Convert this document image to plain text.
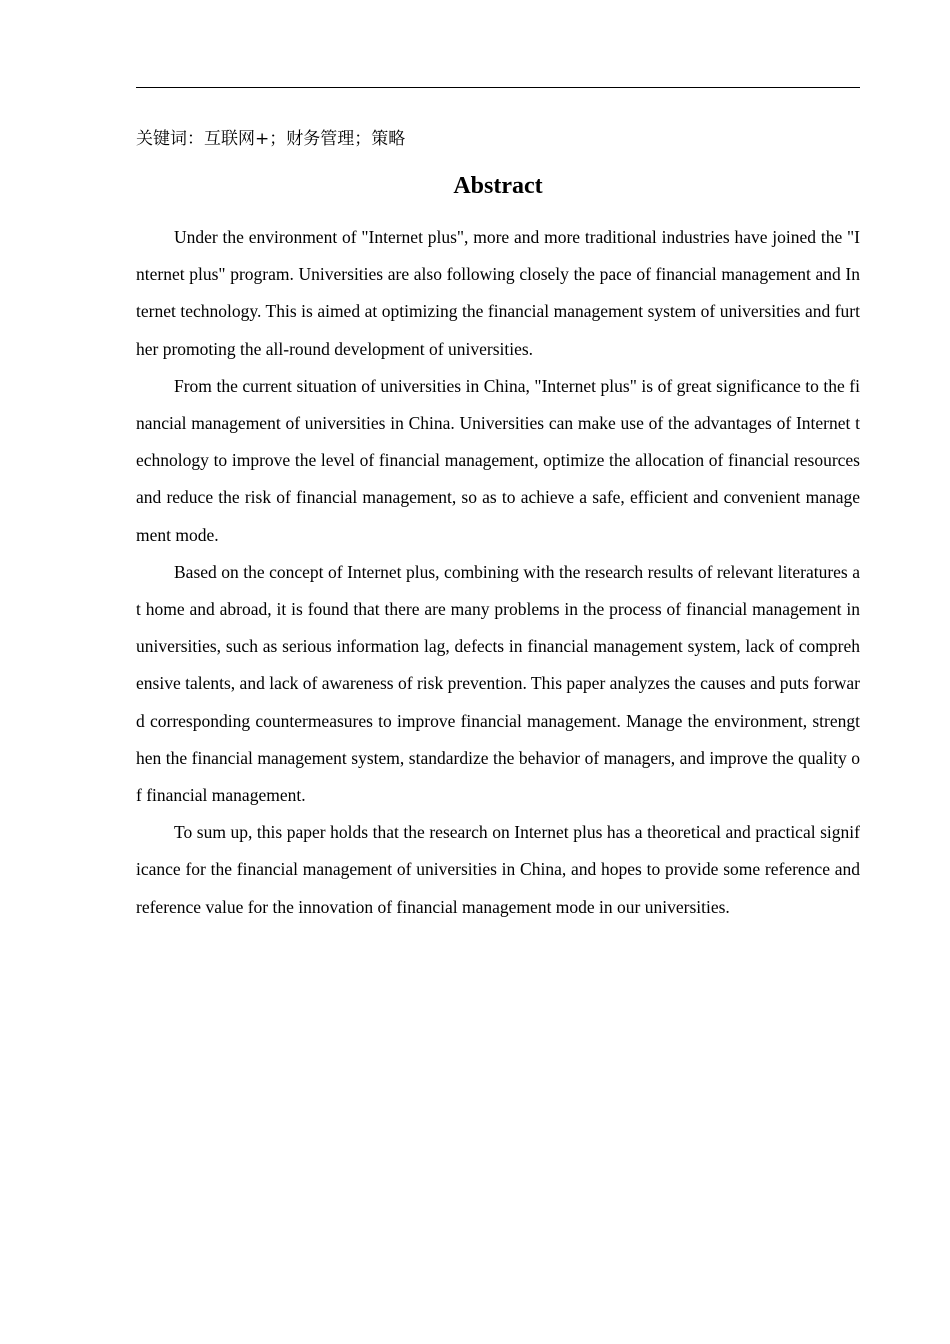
关键词：互联网+；财务管理；策略
Abstract

Under the environment of "Internet plus", more and more traditional industries have joined the "Internet plus" program. Universities are also following closely the pace of financial management and Internet technology. This is aimed at optimizing the financial management system of universities and further promoting the all-round development of universities.

From the current situation of universities in China, "Internet plus" is of great significance to the financial management of universities in China. Universities can make use of the advantages of Internet technology to improve the level of financial management, optimize the allocation of financial resources and reduce the risk of financial management, so as to achieve a safe, efficient and convenient management mode.

Based on the concept of Internet plus, combining with the research results of relevant literatures at home and abroad, it is found that there are many problems in the process of financial management in universities, such as serious information lag, defects in financial management system, lack of comprehensive talents, and lack of awareness of risk prevention. This paper analyzes the causes and puts forward corresponding countermeasures to improve financial management. Manage the environment, strengthen the financial management system, standardize the behavior of managers, and improve the quality of financial management.

To sum up, this paper holds that the research on Internet plus has a theoretical and practical significance for the financial management of universities in China, and hopes to provide some reference and reference value for the innovation of financial management mode in our universities.
